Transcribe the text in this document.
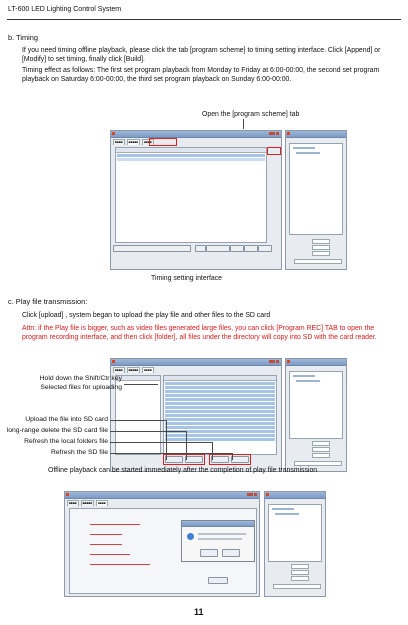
LT-600 LED Lighting Control System
b. Timing
If you need timing offline playback, please click the tab [program scheme] to timing setting interface. Click [Append] or [Modify] to set timing, finally click [Build].
Timing effect as follows: The first set program playback from Monday to Friday at 6:00-00:00, the second set program playback on Saturday 6:00-00:00, the third set program playback on Sunday 6:00-00:00.
Open the [program scheme] tab
■■■■ ■■■■■ ■■■■
Timing setting interface
c. Play file transmission:
Click [upload] , system began to upload the play file and other files to the SD card
Attn: if the Play file is bigger, such as video files generated large files, you can click [Program REC] TAB to open the program recording interface, and then click [folder], all files under the directory will copy into SD with the card reader.
■■■■ ■■■■■ ■■■■
Hold down the Shift/Ctr key
Selected files for uploading
Upload the file into SD card
long-range delete the SD card file
Refresh the local folders file
Refresh the SD file
Offline playback can be started immediately after the completion of play file transmission
■■■■ ■■■■■ ■■■■
11
